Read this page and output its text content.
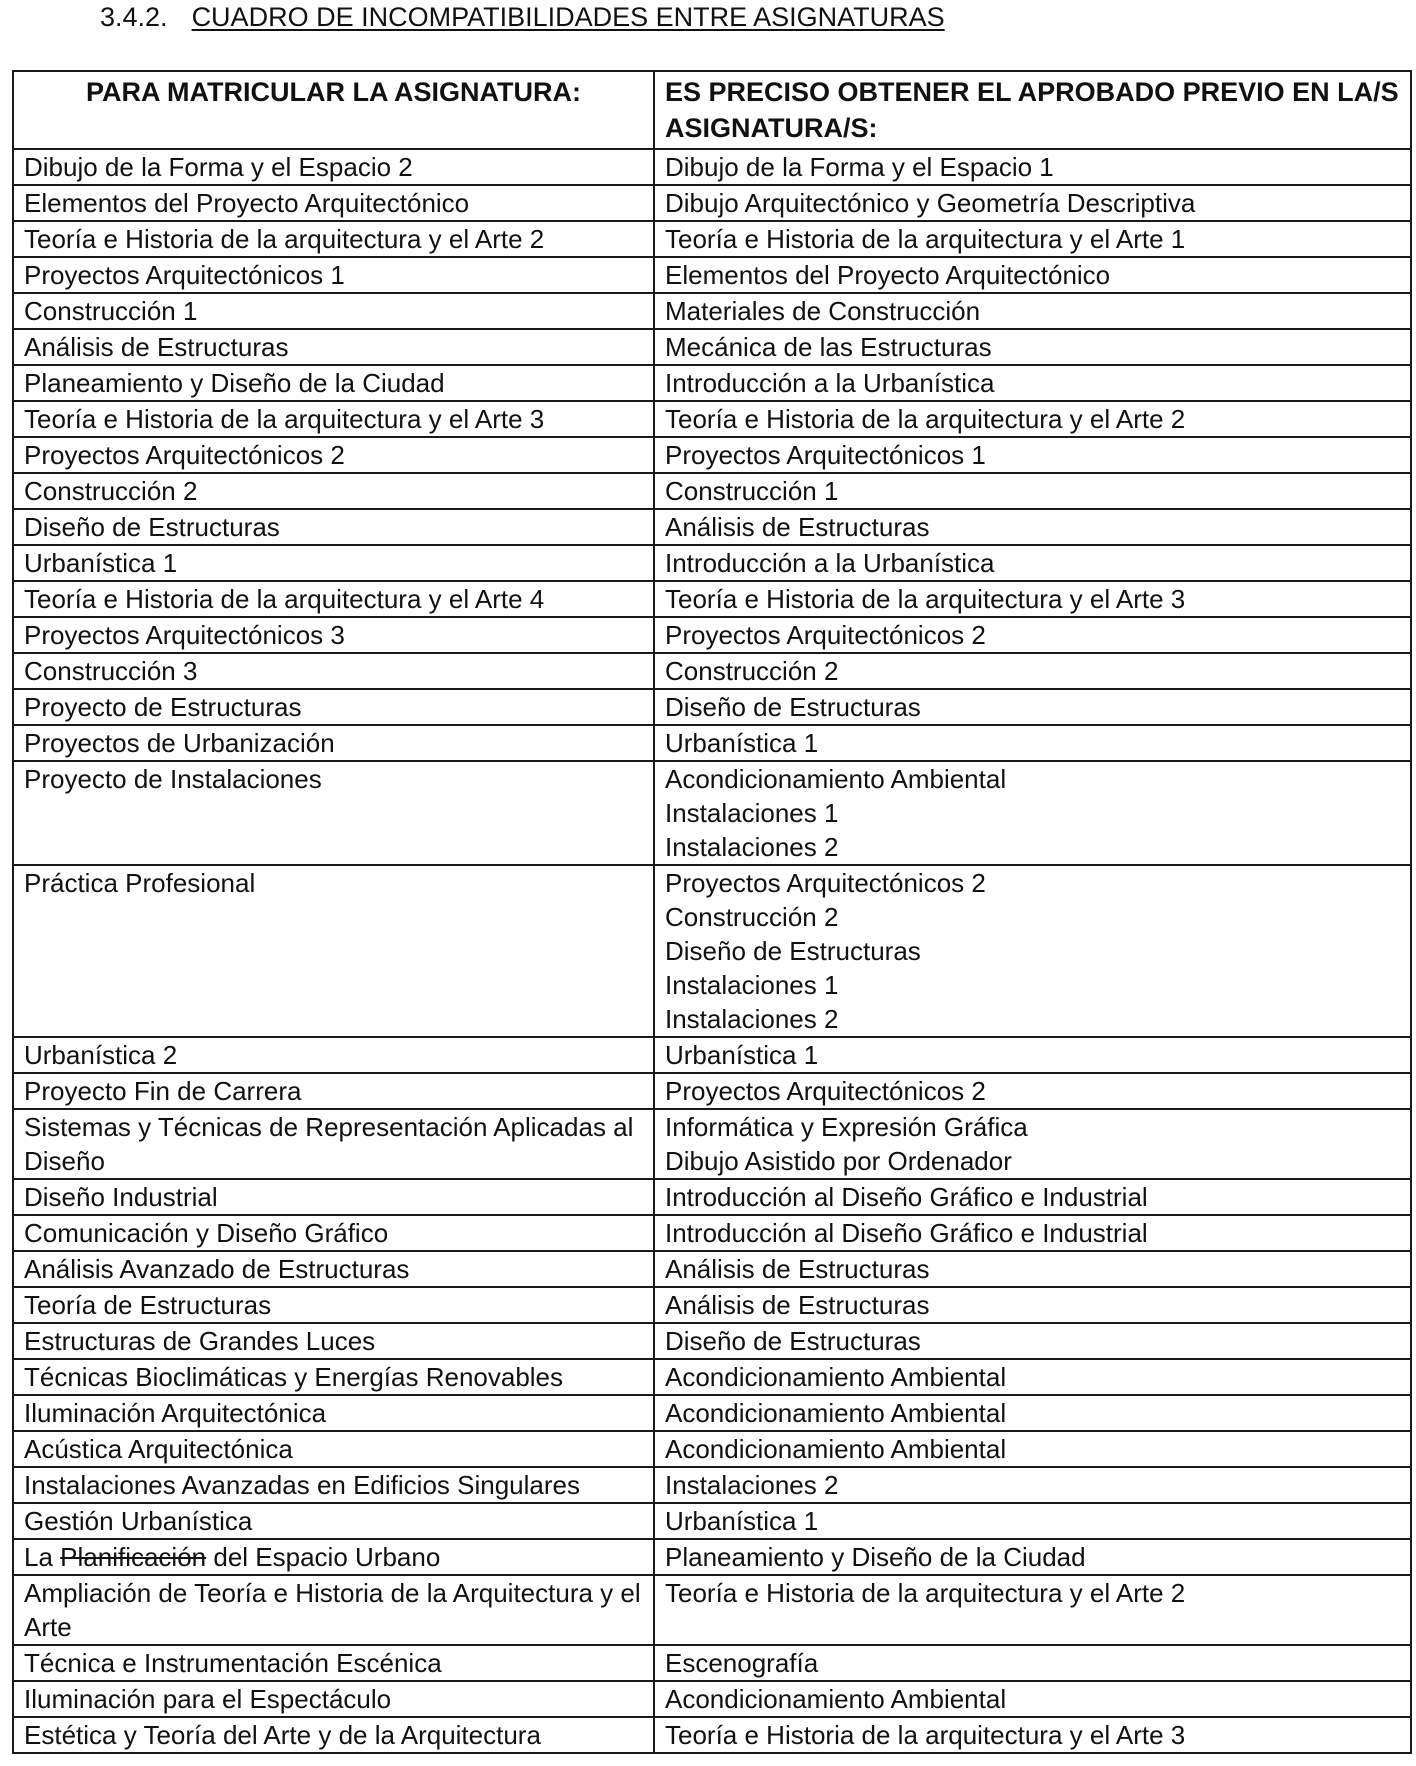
3.4.2. CUADRO DE INCOMPATIBILIDADES ENTRE ASIGNATURAS
PARA MATRICULAR LA ASIGNATURA:	ES PRECISO OBTENER EL APROBADO PREVIO EN LA/S ASIGNATURA/S:

Dibujo de la Forma y el Espacio 2	Dibujo de la Forma y el Espacio 1

Elementos del Proyecto Arquitectónico	Dibujo Arquitectónico y Geometría Descriptiva

Teoría e Historia de la arquitectura y el Arte 2	Teoría e Historia de la arquitectura y el Arte 1

Proyectos Arquitectónicos 1	Elementos del Proyecto Arquitectónico

Construcción 1	Materiales de Construcción

Análisis de Estructuras	Mecánica de las Estructuras

Planeamiento y Diseño de la Ciudad	Introducción a la Urbanística

Teoría e Historia de la arquitectura y el Arte 3	Teoría e Historia de la arquitectura y el Arte 2

Proyectos Arquitectónicos 2	Proyectos Arquitectónicos 1

Construcción 2	Construcción 1

Diseño de Estructuras	Análisis de Estructuras

Urbanística 1	Introducción a la Urbanística

Teoría e Historia de la arquitectura y el Arte 4	Teoría e Historia de la arquitectura y el Arte 3

Proyectos Arquitectónicos 3	Proyectos Arquitectónicos 2

Construcción 3	Construcción 2

Proyecto de Estructuras	Diseño de Estructuras

Proyectos de Urbanización	Urbanística 1

Proyecto de Instalaciones	Acondicionamiento Ambiental
Instalaciones 1
Instalaciones 2

Práctica Profesional	Proyectos Arquitectónicos 2
Construcción 2
Diseño de Estructuras
Instalaciones 1
Instalaciones 2

Urbanística 2	Urbanística 1

Proyecto Fin de Carrera	Proyectos Arquitectónicos 2

Sistemas y Técnicas de Representación Aplicadas al Diseño	Informática y Expresión Gráfica
Dibujo Asistido por Ordenador

Diseño Industrial	Introducción al Diseño Gráfico e Industrial

Comunicación y Diseño Gráfico	Introducción al Diseño Gráfico e Industrial

Análisis Avanzado de Estructuras	Análisis de Estructuras

Teoría de Estructuras	Análisis de Estructuras

Estructuras de Grandes Luces	Diseño de Estructuras

Técnicas Bioclimáticas y Energías Renovables	Acondicionamiento Ambiental

Iluminación Arquitectónica	Acondicionamiento Ambiental

Acústica Arquitectónica	Acondicionamiento Ambiental

Instalaciones Avanzadas en Edificios Singulares	Instalaciones 2

Gestión Urbanística	Urbanística 1

La Planificación del Espacio Urbano	Planeamiento y Diseño de la Ciudad

Ampliación de Teoría e Historia de la Arquitectura y el Arte	Teoría e Historia de la arquitectura y el Arte 2

Técnica e Instrumentación Escénica	Escenografía

Iluminación para el Espectáculo	Acondicionamiento Ambiental

Estética y Teoría del Arte y de la Arquitectura	Teoría e Historia de la arquitectura y el Arte 3
